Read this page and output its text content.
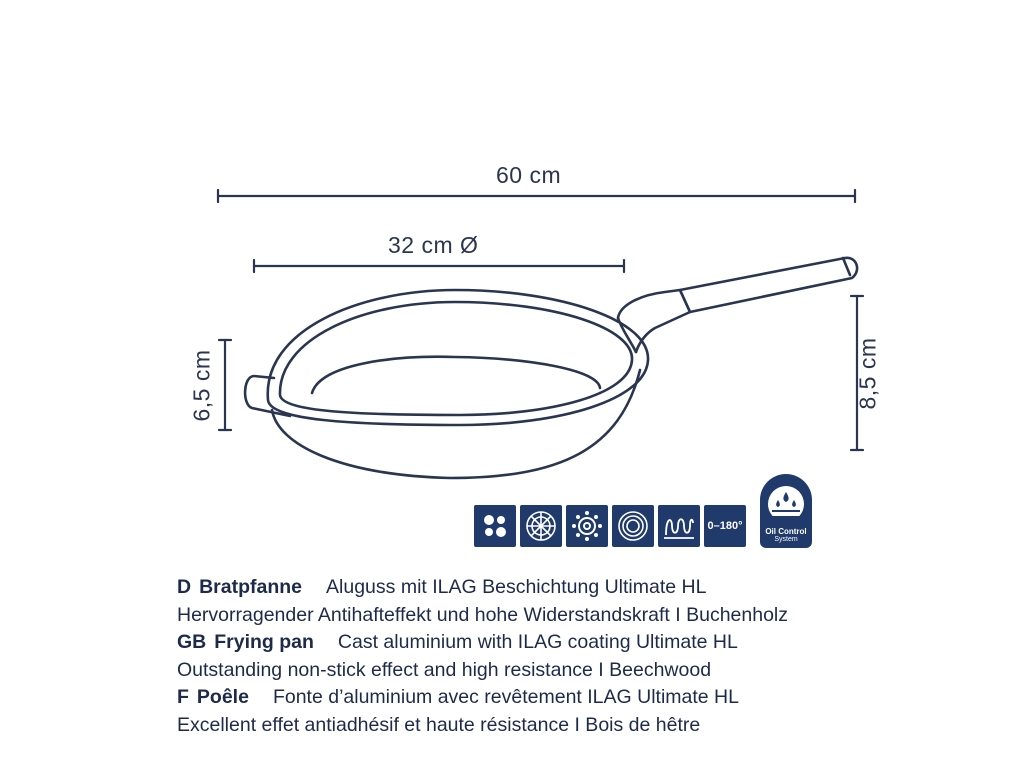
60 cm
32 cm Ø
6,5 cm	8,5 cm
0–180°	Oil Control
System
D Bratpfanne Aluguss mit ILAG Beschichtung Ultimate HL
Hervorragender Antihafteffekt und hohe Widerstandskraft I Buchenholz
GB Frying pan Cast aluminium with ILAG coating Ultimate HL
Outstanding non-stick effect and high resistance I Beechwood
F Poêle Fonte d’aluminium avec revêtement ILAG Ultimate HL
Excellent effet antiadhésif et haute résistance I Bois de hêtre
